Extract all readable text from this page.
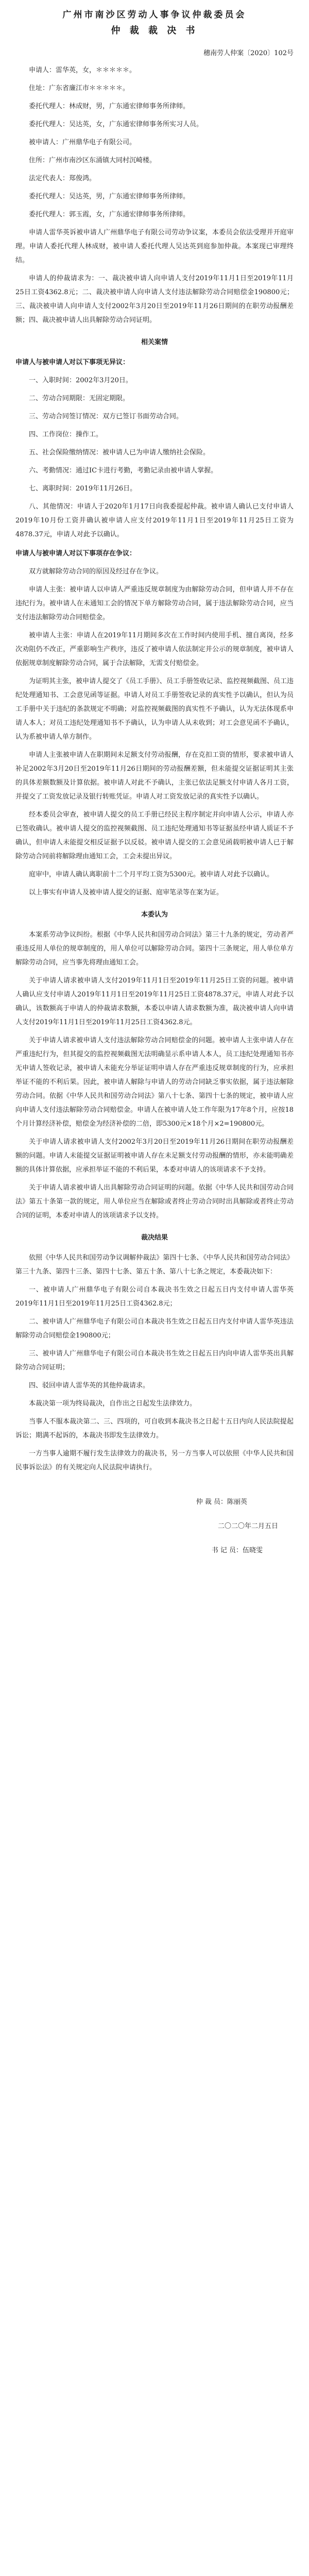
广州市南沙区劳动人事争议仲裁委员会
仲 裁 裁 决 书
穗南劳人仲案〔2020〕102号

申请人：雷华英，女，＊＊＊＊＊。

住址：广东省廉江市＊＊＊＊＊。

委托代理人：林成财，男，广东通宏律师事务所律师。

委托代理人：吴达英，女，广东通宏律师事务所实习人员。

被申请人：广州鼎华电子有限公司。

住所：广州市南沙区东涌镇大同村沉崎楼。

法定代表人：郑俊鸿。

委托代理人：吴达英，男，广东通宏律师事务所律师。

委托代理人：郭玉霞，女，广东通宏律师事务所律师。

申请人雷华英诉被申请人广州鼎华电子有限公司劳动争议案，本委员会依法受理并开庭审理。申请人委托代理人林成财，被申请人委托代理人吴达英到庭参加仲裁。本案现已审理终结。

申请人的仲裁请求为：一、裁决被申请人向申请人支付2019年11月1日至2019年11月25日工资4362.8元；二、裁决被申请人向申请人支付违法解除劳动合同赔偿金190800元；三、裁决被申请人向申请人支付2002年3月20日至2019年11月26日期间的在职劳动报酬差额；四、裁决被申请人出具解除劳动合同证明。

相关案情

申请人与被申请人对以下事项无异议：

一、入职时间：2002年3月20日。

二、劳动合同期限：无固定期限。

三、劳动合同签订情况：双方已签订书面劳动合同。

四、工作岗位：操作工。

五、社会保险缴纳情况：被申请人已为申请人缴纳社会保险。

六、考勤情况：通过IC卡进行考勤，考勤记录由被申请人掌握。

七、离职时间：2019年11月26日。

八、其他情况：申请人于2020年1月17日向我委提起仲裁。被申请人确认已支付申请人2019年10月份工资并确认被申请人应支付2019年11月1日至2019年11月25日工资为4878.37元，申请人对此予以确认。

申请人与被申请人对以下事项存在争议：

双方就解除劳动合同的原因及经过存在争议。

申请人主张：被申请人以申请人严重违反规章制度为由解除劳动合同，但申请人并不存在违纪行为。被申请人在未通知工会的情况下单方解除劳动合同，属于违法解除劳动合同，应当支付违法解除劳动合同赔偿金。

被申请人主张：申请人在2019年11月期间多次在工作时间内使用手机、擅自离岗，经多次劝阻仍不改正，严重影响生产秩序，违反了被申请人依法制定并公示的规章制度，被申请人依据规章制度解除劳动合同，属于合法解除，无需支付赔偿金。

为证明其主张，被申请人提交了《员工手册》、员工手册签收记录、监控视频截图、员工违纪处理通知书、工会意见函等证据。申请人对员工手册签收记录的真实性予以确认，但认为员工手册中关于违纪的条款规定不明确；对监控视频截图的真实性不予确认，认为无法体现系申请人本人；对员工违纪处理通知书不予确认，认为申请人从未收到；对工会意见函不予确认，认为系被申请人单方制作。

申请人主张被申请人在职期间未足额支付劳动报酬，存在克扣工资的情形，要求被申请人补足2002年3月20日至2019年11月26日期间的劳动报酬差额，但未能提交证据证明其主张的具体差额数额及计算依据。被申请人对此不予确认，主张已依法足额支付申请人各月工资，并提交了工资发放记录及银行转账凭证。申请人对工资发放记录的真实性予以确认。

经本委员会审查，被申请人提交的员工手册已经民主程序制定并向申请人公示，申请人亦已签收确认。被申请人提交的监控视频截图、员工违纪处理通知书等证据虽经申请人质证不予确认，但申请人未能提交相反证据予以反驳。被申请人提交的工会意见函载明被申请人已于解除劳动合同前将解除理由通知工会，工会未提出异议。

庭审中，申请人确认离职前十二个月平均工资为5300元。被申请人对此予以确认。

以上事实有申请人及被申请人提交的证据、庭审笔录等在案为证。

本委认为

本案系劳动争议纠纷。根据《中华人民共和国劳动合同法》第三十九条的规定，劳动者严重违反用人单位的规章制度的，用人单位可以解除劳动合同。第四十三条规定，用人单位单方解除劳动合同，应当事先将理由通知工会。

关于申请人请求被申请人支付2019年11月1日至2019年11月25日工资的问题。被申请人确认应支付申请人2019年11月1日至2019年11月25日工资4878.37元，申请人对此予以确认，该数额高于申请人的仲裁请求数额，本委以申请人请求数额为准，裁决被申请人向申请人支付2019年11月1日至2019年11月25日工资4362.8元。

关于申请人请求被申请人支付违法解除劳动合同赔偿金的问题。被申请人主张申请人存在严重违纪行为，但其提交的监控视频截图无法明确显示系申请人本人，员工违纪处理通知书亦无申请人签收记录，被申请人未能充分举证证明申请人存在严重违反规章制度的行为，应承担举证不能的不利后果。因此，被申请人解除与申请人的劳动合同缺乏事实依据，属于违法解除劳动合同。依据《中华人民共和国劳动合同法》第八十七条、第四十七条的规定，被申请人应向申请人支付违法解除劳动合同赔偿金。申请人在被申请人处工作年限为17年8个月，应按18个月计算经济补偿，赔偿金为经济补偿的二倍，即5300元×18个月×2=190800元。

关于申请人请求被申请人支付2002年3月20日至2019年11月26日期间在职劳动报酬差额的问题。申请人未能提交证据证明被申请人存在未足额支付劳动报酬的情形，亦未能明确差额的具体计算依据，应承担举证不能的不利后果，本委对申请人的该项请求不予支持。

关于申请人请求被申请人出具解除劳动合同证明的问题。依据《中华人民共和国劳动合同法》第五十条第一款的规定，用人单位应当在解除或者终止劳动合同时出具解除或者终止劳动合同的证明，本委对申请人的该项请求予以支持。

裁决结果

依照《中华人民共和国劳动争议调解仲裁法》第四十七条、《中华人民共和国劳动合同法》第三十九条、第四十三条、第四十七条、第五十条、第八十七条之规定，本委裁决如下：

一、被申请人广州鼎华电子有限公司自本裁决书生效之日起五日内支付申请人雷华英2019年11月1日至2019年11月25日工资4362.8元；

二、被申请人广州鼎华电子有限公司自本裁决书生效之日起五日内支付申请人雷华英违法解除劳动合同赔偿金190800元；

三、被申请人广州鼎华电子有限公司自本裁决书生效之日起五日内向申请人雷华英出具解除劳动合同证明；

四、驳回申请人雷华英的其他仲裁请求。

本裁决第一项为终局裁决，自作出之日起发生法律效力。

当事人不服本裁决第二、三、四项的，可自收到本裁决书之日起十五日内向人民法院提起诉讼；期满不起诉的，本裁决书即发生法律效力。

一方当事人逾期不履行发生法律效力的裁决书，另一方当事人可以依照《中华人民共和国民事诉讼法》的有关规定向人民法院申请执行。

仲 裁 员：陈丽英
二〇二〇年二月五日
书 记 员：伍晓雯
